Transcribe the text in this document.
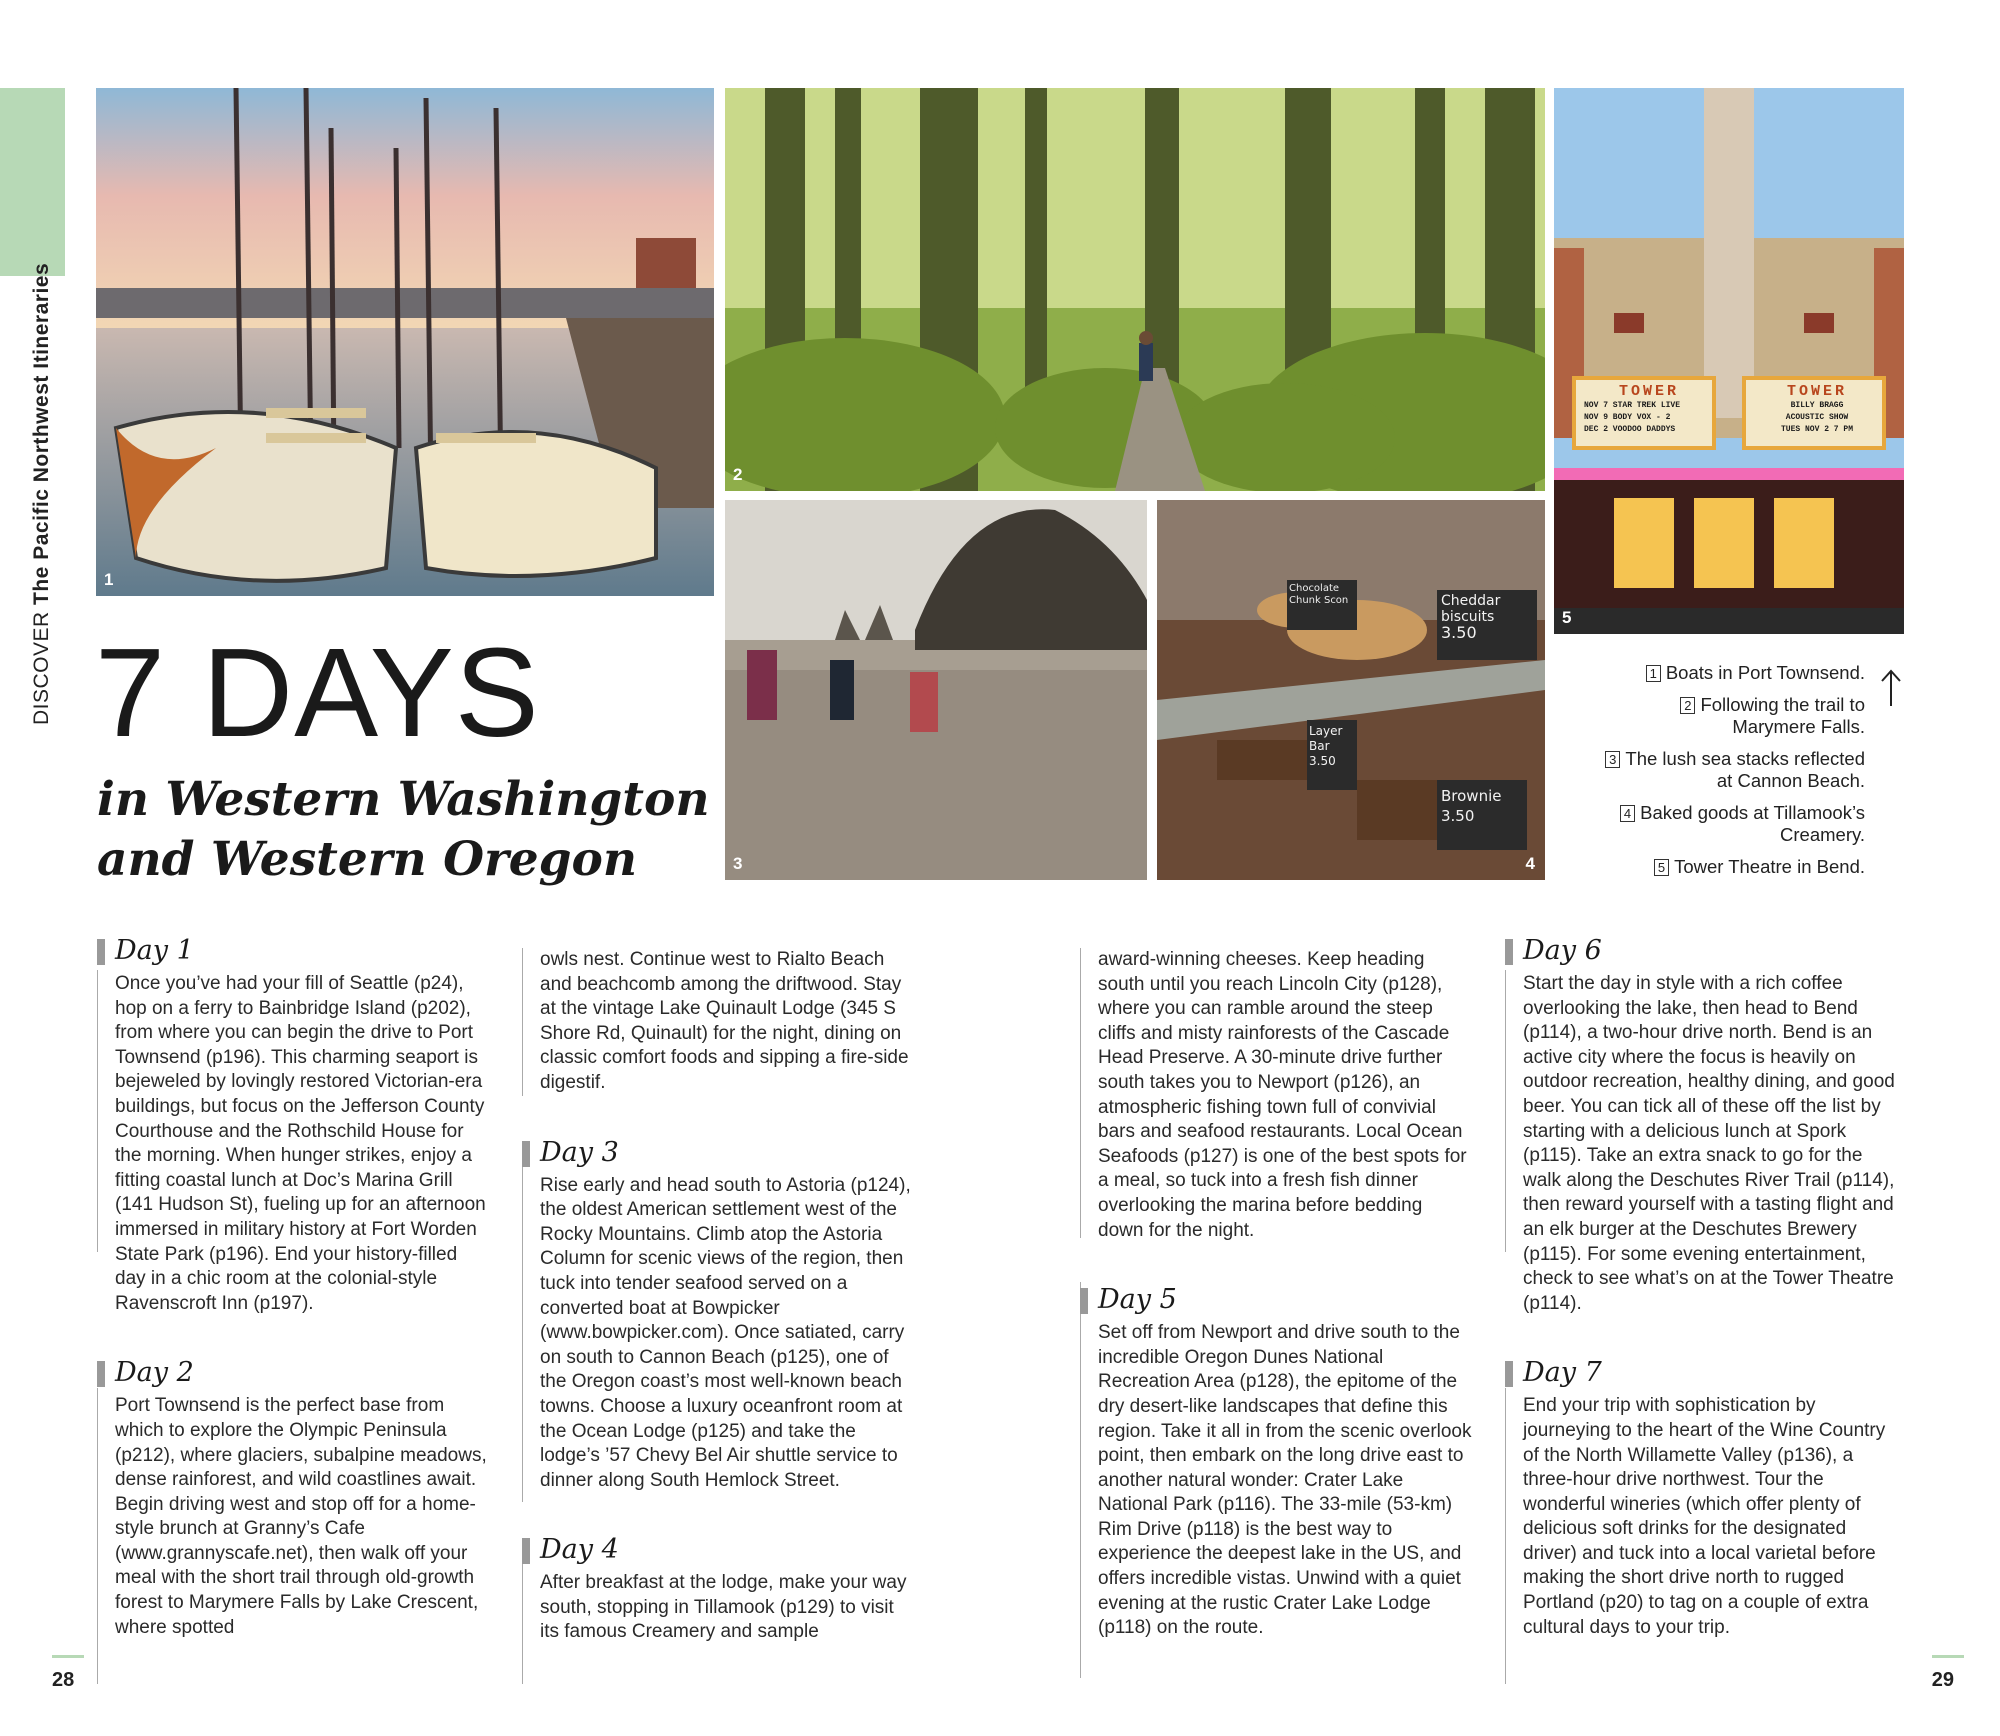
DISCOVER The Pacific Northwest Itineraries	1
2
TOWER
NOV 7 STAR TREK LIVE
NOV 9 BODY VOX - 2
DEC 2 VOODOO DADDYS
TOWER
BILLY BRAGG
ACOUSTIC SHOW
TUES NOV 2 7 PM
5
3
Chocolate Chunk Scon	Cheddar biscuits
3.50
Layer Bar
3.50
Brownie
3.50
4
7 DAYS
in Western Washington
and Western Oregon
1 Boats in Port Townsend.
2 Following the trail to Marymere Falls.
3 The lush sea stacks reflected at Cannon Beach.
4 Baked goods at Tillamook’s Creamery.
5 Tower Theatre in Bend.
Day 1

Once you’ve had your fill of Seattle (p24), hop on a ferry to Bainbridge Island (p202), from where you can begin the drive to Port Townsend (p196). This charming seaport is bejeweled by lovingly restored Victorian-era buildings, but focus on the Jefferson County Courthouse and the Rothschild House for the morning. When hunger strikes, enjoy a fitting coastal lunch at Doc’s Marina Grill (141 Hudson St), fueling up for an afternoon immersed in military history at Fort Worden State Park (p196). End your history-filled day in a chic room at the colonial-style Ravenscroft Inn (p197).

Day 2

Port Townsend is the perfect base from which to explore the Olympic Peninsula (p212), where glaciers, subalpine meadows, dense rainforest, and wild coastlines await. Begin driving west and stop off for a home-style brunch at Granny’s Cafe (www.grannyscafe.net), then walk off your meal with the short trail through old-growth forest to Marymere Falls by Lake Crescent, where spotted

owls nest. Continue west to Rialto Beach and beachcomb among the driftwood. Stay at the vintage Lake Quinault Lodge (345 S Shore Rd, Quinault) for the night, dining on classic comfort foods and sipping a fire-side digestif.

Day 3

Rise early and head south to Astoria (p124), the oldest American settlement west of the Rocky Mountains. Climb atop the Astoria Column for scenic views of the region, then tuck into tender seafood served on a converted boat at Bowpicker (www.bowpicker.com). Once satiated, carry on south to Cannon Beach (p125), one of the Oregon coast’s most well-known beach towns. Choose a luxury oceanfront room at the Ocean Lodge (p125) and take the lodge’s ’57 Chevy Bel Air shuttle service to dinner along South Hemlock Street.

Day 4

After breakfast at the lodge, make your way south, stopping in Tillamook (p129) to visit its famous Creamery and sample

award-winning cheeses. Keep heading south until you reach Lincoln City (p128), where you can ramble around the steep cliffs and misty rainforests of the Cascade Head Preserve. A 30-minute drive further south takes you to Newport (p126), an atmospheric fishing town full of convivial bars and seafood restaurants. Local Ocean Seafoods (p127) is one of the best spots for a meal, so tuck into a fresh fish dinner overlooking the marina before bedding down for the night.

Day 5

Set off from Newport and drive south to the incredible Oregon Dunes National Recreation Area (p128), the epitome of the dry desert-like landscapes that define this region. Take it all in from the scenic overlook point, then embark on the long drive east to another natural wonder: Crater Lake National Park (p116). The 33-mile (53-km) Rim Drive (p118) is the best way to experience the deepest lake in the US, and offers incredible vistas. Unwind with a quiet evening at the rustic Crater Lake Lodge (p118) on the route.

Day 6

Start the day in style with a rich coffee overlooking the lake, then head to Bend (p114), a two-hour drive north. Bend is an active city where the focus is heavily on outdoor recreation, healthy dining, and good beer. You can tick all of these off the list by starting with a delicious lunch at Spork (p115). Take an extra snack to go for the walk along the Deschutes River Trail (p114), then reward yourself with a tasting flight and an elk burger at the Deschutes Brewery (p115). For some evening entertainment, check to see what’s on at the Tower Theatre (p114).

Day 7

End your trip with sophistication by journeying to the heart of the Wine Country of the North Willamette Valley (p136), a three-hour drive northwest. Tour the wonderful wineries (which offer plenty of delicious soft drinks for the designated driver) and tuck into a local varietal before making the short drive north to rugged Portland (p20) to tag on a couple of extra cultural days to your trip.

28	29
